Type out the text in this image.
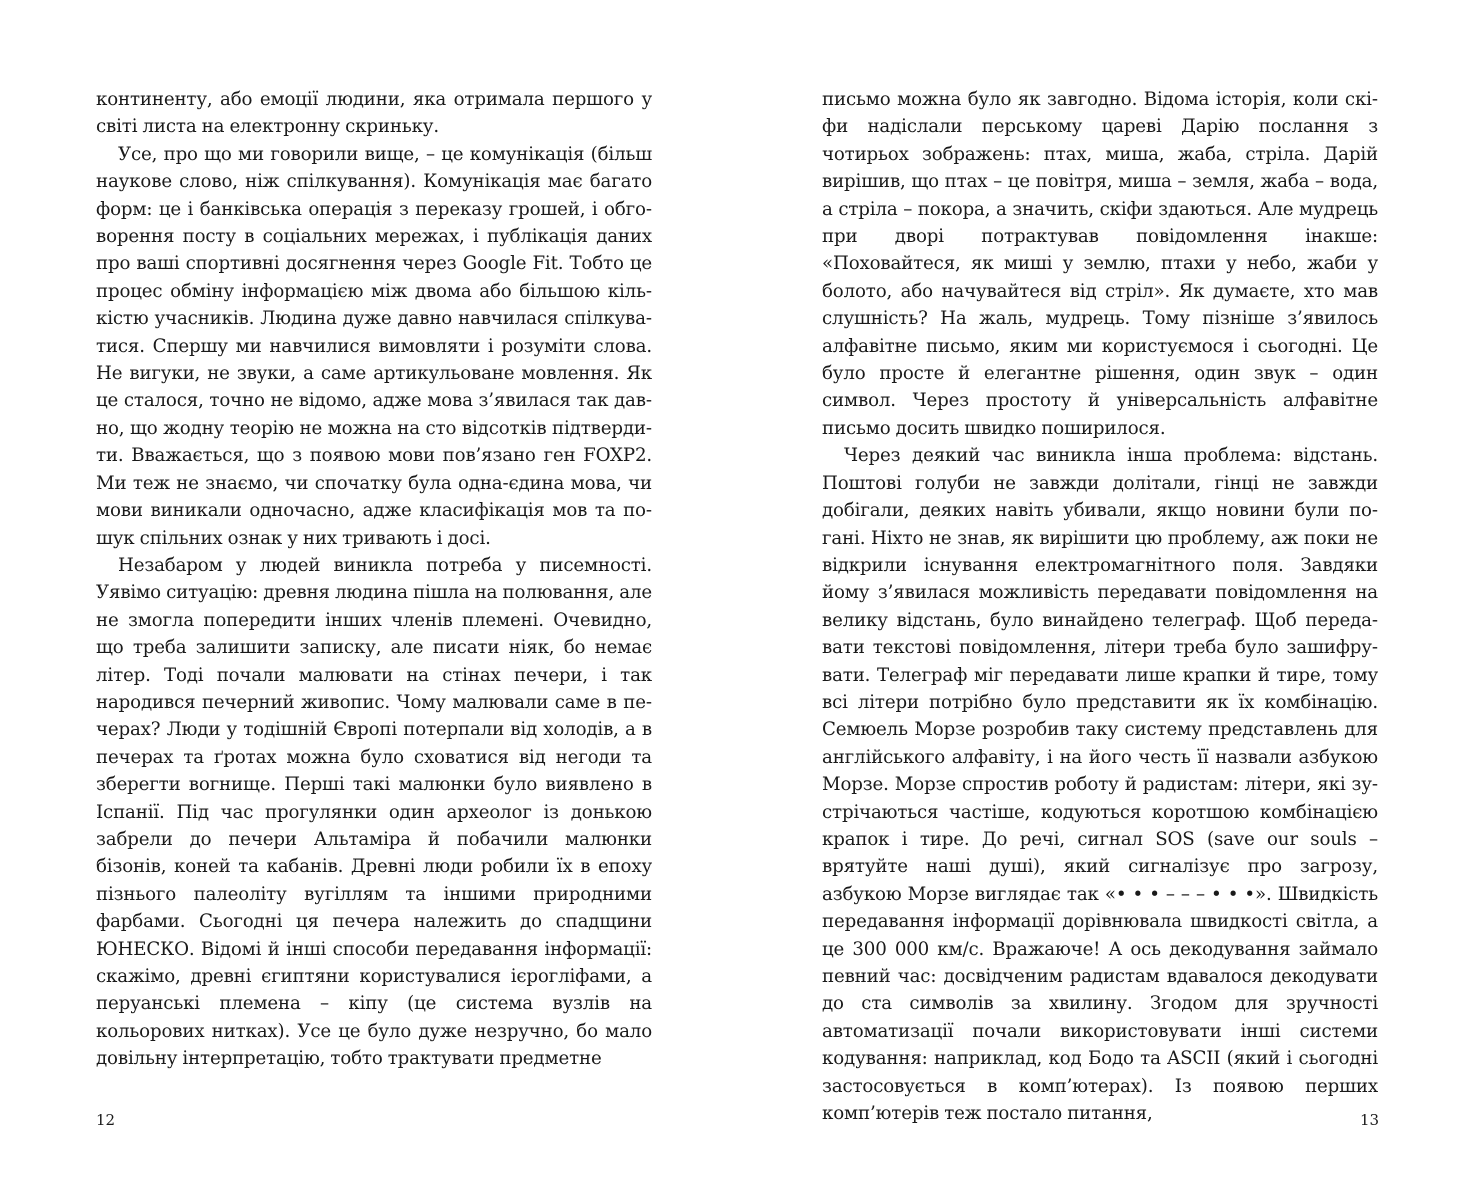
континенту, або емоції людини, яка отримала першого у світі листа на електронну скриньку.

Усе, про що ми говорили вище, – це комунікація (більш наукове слово, ніж спілкування). Комунікація має багато форм: це і банківська операція з переказу грошей, і обговорення посту в соціальних мережах, і публікація даних про ваші спортивні досягнення через Google Fit. Тобто це процес обміну інформацією між двома або більшою кількістю учасників. Людина дуже давно навчилася спілкуватися. Спершу ми навчилися вимовляти і розуміти слова. Не вигуки, не звуки, а саме артикульоване мовлення. Як це сталося, точно не відомо, адже мова з’явилася так давно, що жодну теорію не можна на сто відсотків підтвердити. Вважається, що з появою мови пов’язано ген FOXP2. Ми теж не знаємо, чи спочатку була одна-єдина мова, чи мови виникали одночасно, адже класифікація мов та пошук спільних ознак у них тривають і досі.

Незабаром у людей виникла потреба у писемності. Уявімо ситуацію: древня людина пішла на полювання, але не змогла попередити інших членів племені. Очевидно, що треба залишити записку, але писати ніяк, бо немає літер. Тоді почали малювати на стінах печери, і так народився печерний живопис. Чому малювали саме в печерах? Люди у тодішній Європі потерпали від холодів, а в печерах та ґротах можна було сховатися від негоди та зберегти вогнище. Перші такі малюнки було виявлено в Іспанії. Під час прогулянки один археолог із донькою забрели до печери Альтаміра й побачили малюнки бізонів, коней та кабанів. Древні люди робили їх в епоху пізнього палеоліту вугіллям та іншими природними фарбами. Сьогодні ця печера належить до спадщини ЮНЕСКО. Відомі й інші способи передавання інформації: скажімо, древні єгиптяни користувалися ієрогліфами, а перуанські племена – кіпу (це система вузлів на кольорових нитках). Усе це було дуже незручно, бо мало довільну інтерпретацію, тобто трактувати предметне

12

письмо можна було як завгодно. Відома історія, коли скіфи надіслали перському цареві Дарію послання з чотирьох зображень: птах, миша, жаба, стріла. Дарій вирішив, що птах – це повітря, миша – земля, жаба – вода, а стріла – покора, а значить, скіфи здаються. Але мудрець при дворі потрактував повідомлення інакше: «Поховайтеся, як миші у землю, птахи у небо, жаби у болото, або начувайтеся від стріл». Як думаєте, хто мав слушність? На жаль, мудрець. Тому пізніше з’явилось алфавітне письмо, яким ми користуємося і сьогодні. Це було просте й елегантне рішення, один звук – один символ. Через простоту й універсальність алфавітне письмо досить швидко поширилося.

Через деякий час виникла інша проблема: відстань. Поштові голуби не завжди долітали, гінці не завжди добігали, деяких навіть убивали, якщо новини були погані. Ніхто не знав, як вирішити цю проблему, аж поки не відкрили існування електромагнітного поля. Завдяки йому з’явилася можливість передавати повідомлення на велику відстань, було винайдено телеграф. Щоб передавати текстові повідомлення, літери треба було зашифрувати. Телеграф міг передавати лише крапки й тире, тому всі літери потрібно було представити як їх комбінацію. Семюель Морзе розробив таку систему представлень для англійського алфавіту, і на його честь її назвали азбукою Морзе. Морзе спростив роботу й радистам: літери, які зустрічаються частіше, кодуються коротшою комбінацією крапок і тире. До речі, сигнал SOS (save our souls – врятуйте наші душі), який сигналізує про загрозу, азбукою Морзе виглядає так «• • • – – – • • •». Швидкість передавання інформації дорівнювала швидкості світла, а це 300 000 км/с. Вражаюче! А ось декодування займало певний час: досвідченим радистам вдавалося декодувати до ста символів за хвилину. Згодом для зручності автоматизації почали використовувати інші системи кодування: наприклад, код Бодо та ASCII (який і сьогодні застосовується в комп’ютерах). Із появою перших комп’ютерів теж постало питання,	13
